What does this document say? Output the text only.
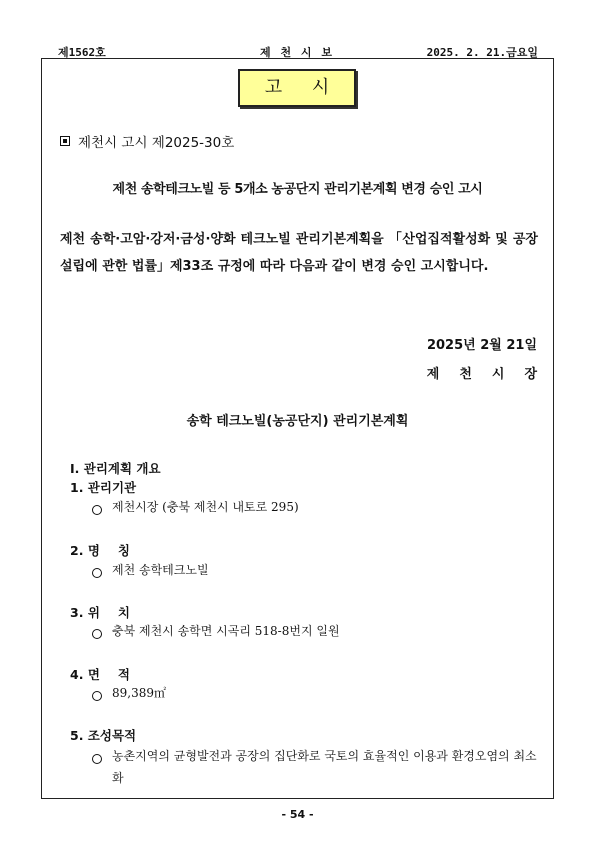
제1562호	제 천 시 보	2025. 2. 21.금요일
고 시
제천시 고시 제2025-30호
제천 송학테크노빌 등 5개소 농공단지 관리기본계획 변경 승인 고시
제천 송학·고암·강저·금성·양화 테크노빌 관리기본계획을 「산업집적활성화 및 공장설립에 관한 법률」제33조 규정에 따라 다음과 같이 변경 승인 고시합니다.
2025년 2월 21일
제천시장
송학 테크노빌(농공단지) 관리기본계획
Ⅰ. 관리계획 개요
1. 관리기관
제천시장 (충북 제천시 내토로 295)
2. 명칭
제천 송학테크노빌
3. 위치
충북 제천시 송학면 시곡리 518-8번지 일원
4. 면적
89,389㎡
5. 조성목적
농촌지역의 균형발전과 공장의 집단화로 국토의 효율적인 이용과 환경오염의 최소화
- 54 -
